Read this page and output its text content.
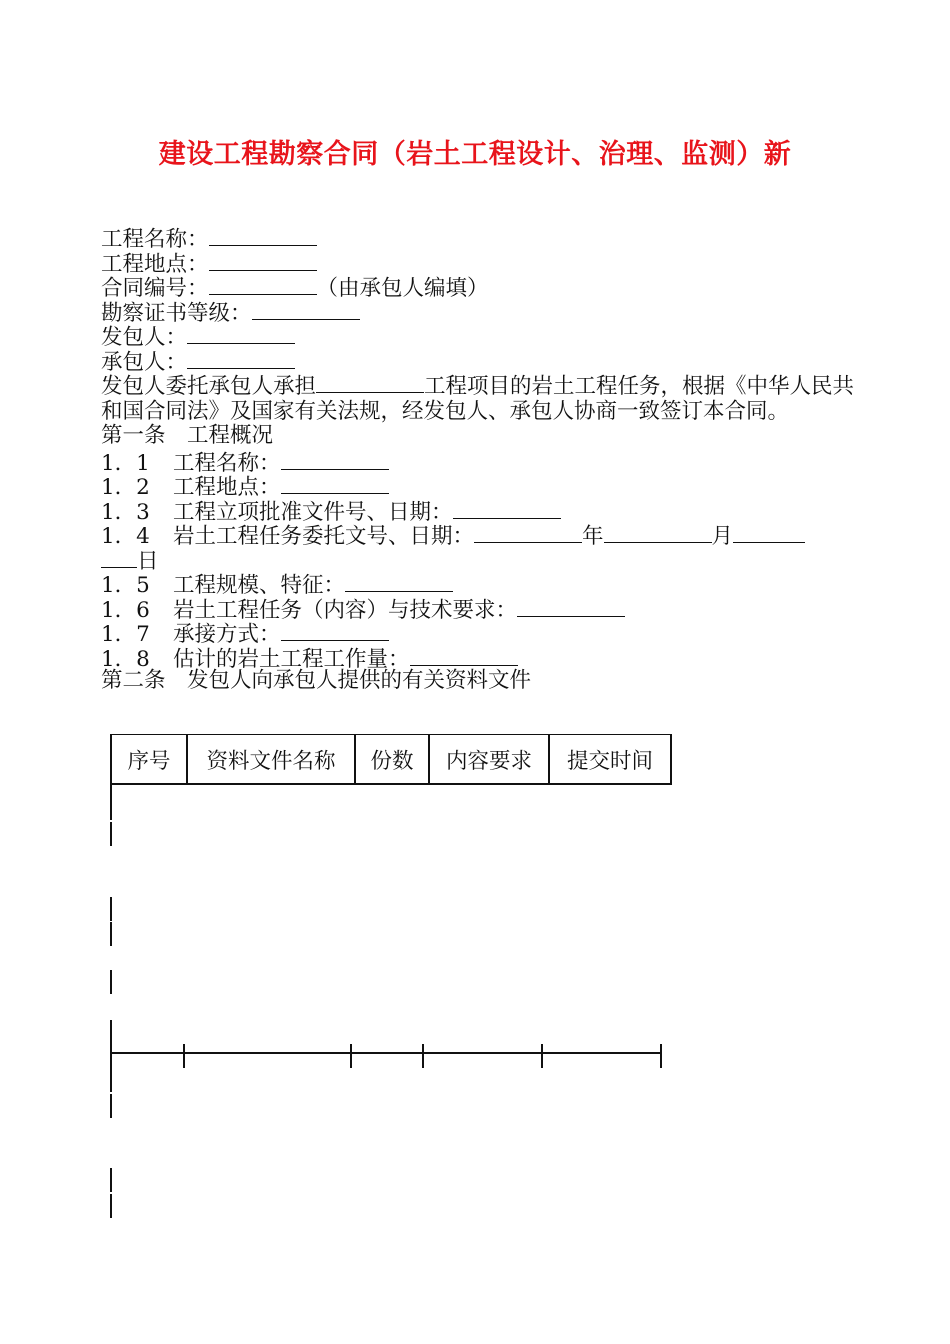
建设工程勘察合同（岩土工程设计、治理、监测）新
工程名称：
工程地点：
合同编号：	（由承包人编填）
勘察证书等级：
发包人：
承包人：
发包人委托承包人承担	工程项目的岩土工程任务，根据《中华人民共和国合同法》及国家有关法规，经发包人、承包人协商一致签订本合同。
第一条　工程概况
1．1 工程名称：
1．2 工程地点：
1．3 工程立项批准文件号、日期：
1．4 岩土工程任务委托文号、日期：	年	月
日
1．5 工程规模、特征：
1．6 岩土工程任务（内容）与技术要求：
1．7 承接方式：
1．8 估计的岩土工程工作量：
第二条　发包人向承包人提供的有关资料文件
序号	资料文件名称	份数	内容要求	提交时间
